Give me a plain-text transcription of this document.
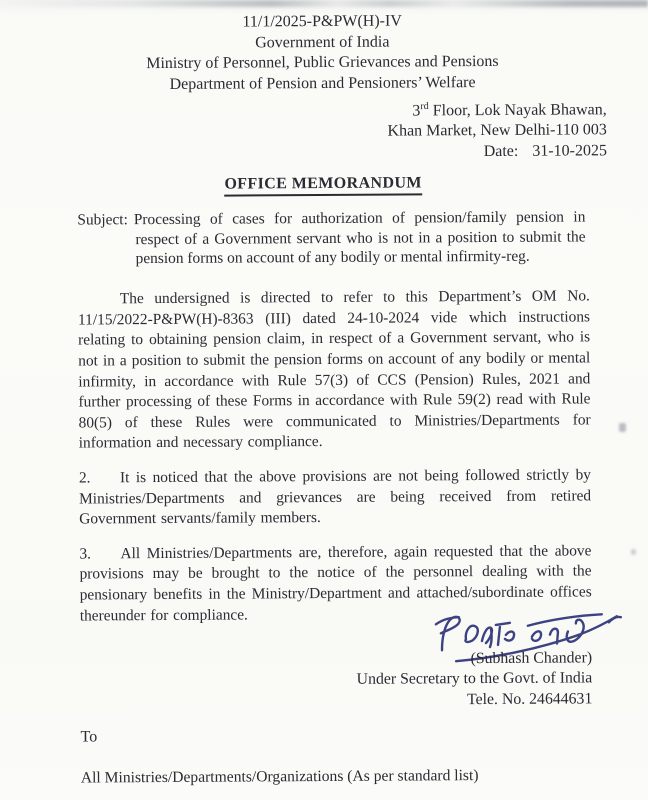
11/1/2025-P&PW(H)-IV
Government of India
Ministry of Personnel, Public Grievances and Pensions
Department of Pension and Pensioners’ Welfare
3rd Floor, Lok Nayak Bhawan,
Khan Market, New Delhi-110 003
Date: 31-10-2025
OFFICE MEMORANDUM
Subject: Processing of cases for authorization of pension/family pension in respect of a Government servant who is not in a position to submit the pension forms on account of any bodily or mental infirmity-reg.

The undersigned is directed to refer to this Department’s OM No. 11/15/2022-P&PW(H)-8363 (III) dated 24-10-2024 vide which instructions relating to obtaining pension claim, in respect of a Government servant, who is not in a position to submit the pension forms on account of any bodily or mental infirmity, in accordance with Rule 57(3) of CCS (Pension) Rules, 2021 and further processing of these Forms in accordance with Rule 59(2) read with Rule 80(5) of these Rules were communicated to Ministries/Departments for information and necessary compliance.

2. It is noticed that the above provisions are not being followed strictly by Ministries/Departments and grievances are being received from retired Government servants/family members.

3. All Ministries/Departments are, therefore, again requested that the above provisions may be brought to the notice of the personnel dealing with the pensionary benefits in the Ministry/Department and attached/subordinate offices thereunder for compliance.

(Subhash Chander)
Under Secretary to the Govt. of India
Tele. No. 24644631
To
All Ministries/Departments/Organizations (As per standard list)
